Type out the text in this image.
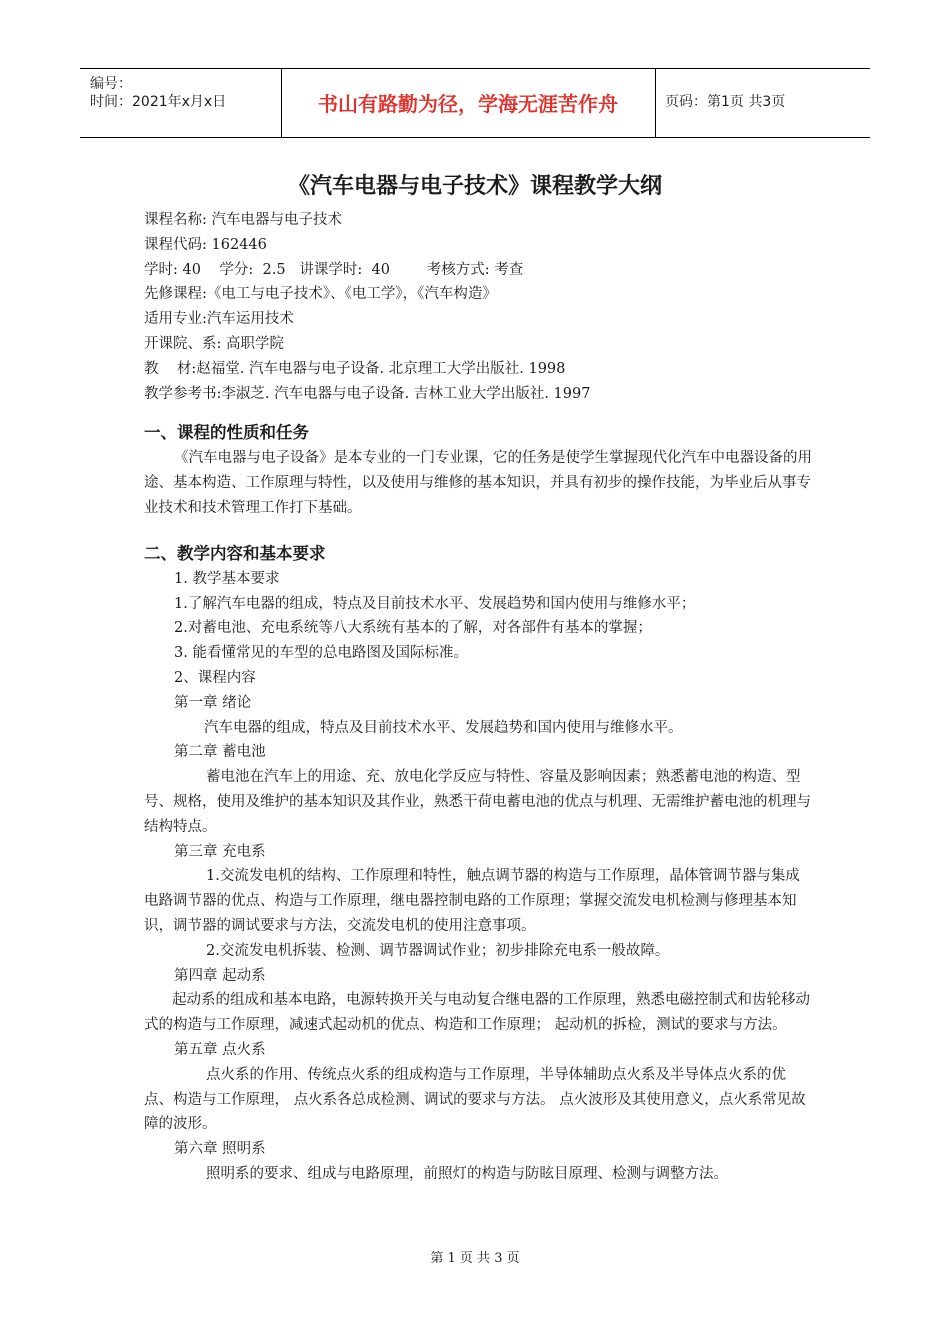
编号：
时间：2021年x月x日	书山有路勤为径，学海无涯苦作舟	页码：第1页 共3页
《汽车电器与电子技术》课程教学大纲

课程名称: 汽车电器与电子技术

课程代码: 162446

学时: 40    学分:  2.5   讲课学时:  40        考核方式: 考查

先修课程:《电工与电子技术》、《电工学》，《汽车构造》

适用专业:汽车运用技术

开课院、系: 高职学院

教    材:赵福堂. 汽车电器与电子设备. 北京理工大学出版社. 1998

教学参考书:李淑芝. 汽车电器与电子设备. 吉林工业大学出版社. 1997

一、课程的性质和任务

《汽车电器与电子设备》是本专业的一门专业课，它的任务是使学生掌握现代化汽车中电器设备的用途、基本构造、工作原理与特性，以及使用与维修的基本知识，并具有初步的操作技能，为毕业后从事专业技术和技术管理工作打下基础。

二、教学内容和基本要求

1. 教学基本要求

1.了解汽车电器的组成，特点及目前技术水平、发展趋势和国内使用与维修水平；

2.对蓄电池、充电系统等八大系统有基本的了解，对各部件有基本的掌握；

3. 能看懂常见的车型的总电路图及国际标准。

2、课程内容

第一章 绪论

汽车电器的组成，特点及目前技术水平、发展趋势和国内使用与维修水平。

第二章 蓄电池

蓄电池在汽车上的用途、充、放电化学反应与特性、容量及影响因素；熟悉蓄电池的构造、型号、规格，使用及维护的基本知识及其作业，熟悉干荷电蓄电池的优点与机理、无需维护蓄电池的机理与结构特点。

第三章 充电系

1.交流发电机的结构、工作原理和特性，触点调节器的构造与工作原理，晶体管调节器与集成电路调节器的优点、构造与工作原理，继电器控制电路的工作原理；掌握交流发电机检测与修理基本知识，调节器的调试要求与方法，交流发电机的使用注意事项。

2.交流发电机拆装、检测、调节器调试作业；初步排除充电系一般故障。

第四章 起动系

起动系的组成和基本电路，电源转换开关与电动复合继电器的工作原理，熟悉电磁控制式和齿轮移动式的构造与工作原理，减速式起动机的优点、构造和工作原理； 起动机的拆检，测试的要求与方法。

第五章 点火系

点火系的作用、传统点火系的组成构造与工作原理，半导体辅助点火系及半导体点火系的优点、构造与工作原理， 点火系各总成检测、调试的要求与方法。 点火波形及其使用意义，点火系常见故障的波形。

第六章 照明系

照明系的要求、组成与电路原理，前照灯的构造与防眩目原理、检测与调整方法。

第 1 页 共 3 页
